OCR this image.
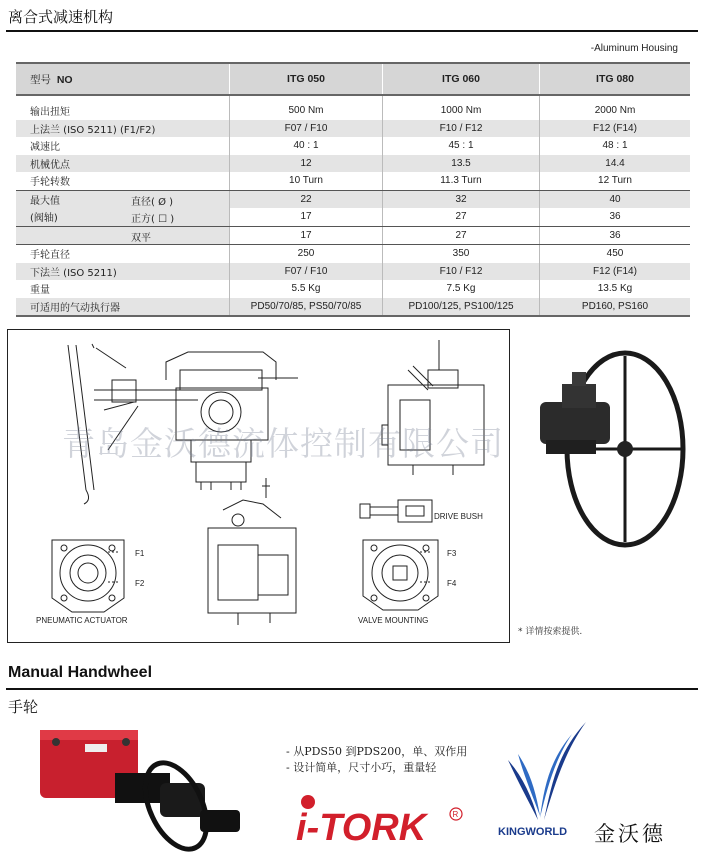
离合式减速机构
-Aluminum Housing
型号 NO	ITG 050	ITG 060	ITG 080
输出扭矩	500 Nm	1000 Nm	2000 Nm
上法兰 (ISO 5211) (F1/F2)	F07 / F10	F10 / F12	F12 (F14)
减速比	40 : 1	45 : 1	48 : 1
机械优点	12	13.5	14.4
手轮转数	10 Turn	11.3 Turn	12 Turn
最大值 直径( Ø )	22	32	40
(阀轴) 正方( ☐ )	17	27	36

双平	17	27	36
手轮直径	250	350	450
下法兰 (ISO 5211)	F07 / F10	F10 / F12	F12 (F14)
重量	5.5 Kg	7.5 Kg	13.5 Kg
可适用的气动执行器	PD50/70/85, PS50/70/85	PD100/125, PS100/125	PD160, PS160
F1
F2
F3
F4
DRIVE BUSH
PNEUMATIC ACTUATOR	VALVE MOUNTING
青岛金沃德流体控制有限公司
* 详情按索提供.
Manual Handwheel
手轮
- 从PDS50 到PDS200，单、双作用
- 设计简单，尺寸小巧，重量轻
i-TORK	R
KINGWORLD 金沃德
